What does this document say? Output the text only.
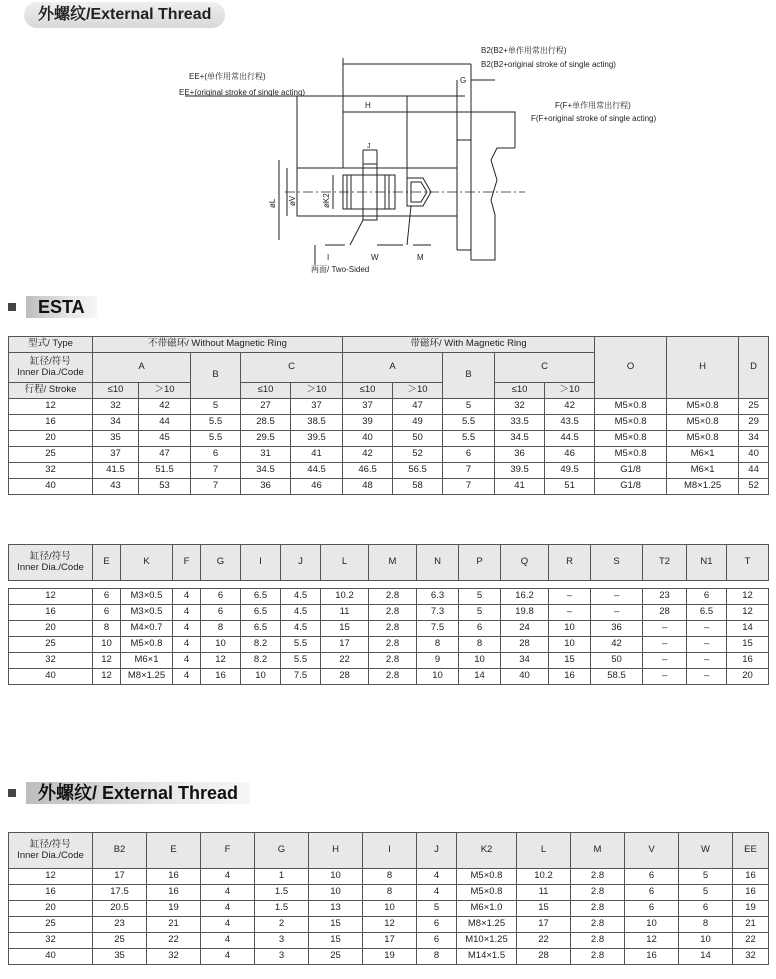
外螺纹/External Thread
B2(B2+单作用常出行程)
B2(B2+original stroke of single acting)
EE+(单作用常出行程)
EE+(original stroke of single acting)
F(F+单作用常出行程)
F(F+original stroke of single acting)
G
H
J
øL øV	øK2
I	W	M
两面/ Two-Sided
ESTA
型式/ Type	不带磁环/ Without Magnetic Ring					带磁环/ With Magnetic Ring					O	H	D
缸径/符号
Inner Dia./Code	A		B	C		A		B	C				
行程/ Stroke	≤10	＞10		≤10	＞10	≤10	＞10		≤10	＞10			
12	32	42	5	27	37	37	47	5	32	42	M5×0.8	M5×0.8	25
16	34	44	5.5	28.5	38.5	39	49	5.5	33.5	43.5	M5×0.8	M5×0.8	29
20	35	45	5.5	29.5	39.5	40	50	5.5	34.5	44.5	M5×0.8	M5×0.8	34
25	37	47	6	31	41	42	52	6	36	46	M5×0.8	M6×1	40
32	41.5	51.5	7	34.5	44.5	46.5	56.5	7	39.5	49.5	G1/8	M6×1	44
40	43	53	7	36	46	48	58	7	41	51	G1/8	M8×1.25	52
缸径/符号
Inner Dia./Code	E	K	F	G	I	J	L	M	N	P	Q	R	S	T2	N1	T

12	6	M3×0.5	4	6	6.5	4.5	10.2	2.8	6.3	5	16.2	–	–	23	6	12
16	6	M3×0.5	4	6	6.5	4.5	11	2.8	7.3	5	19.8	–	–	28	6.5	12
20	8	M4×0.7	4	8	6.5	4.5	15	2.8	7.5	6	24	10	36	–	–	14
25	10	M5×0.8	4	10	8.2	5.5	17	2.8	8	8	28	10	42	–	–	15
32	12	M6×1	4	12	8.2	5.5	22	2.8	9	10	34	15	50	–	–	16
40	12	M8×1.25	4	16	10	7.5	28	2.8	10	14	40	16	58.5	–	–	20
外螺纹/ External Thread
缸径/符号
Inner Dia./Code	B2	E	F	G	H	I	J	K2	L	M	V	W	EE
12	17	16	4	1	10	8	4	M5×0.8	10.2	2.8	6	5	16
16	17.5	16	4	1.5	10	8	4	M5×0.8	11	2.8	6	5	16
20	20.5	19	4	1.5	13	10	5	M6×1.0	15	2.8	6	6	19
25	23	21	4	2	15	12	6	M8×1.25	17	2.8	10	8	21
32	25	22	4	3	15	17	6	M10×1.25	22	2.8	12	10	22
40	35	32	4	3	25	19	8	M14×1.5	28	2.8	16	14	32
